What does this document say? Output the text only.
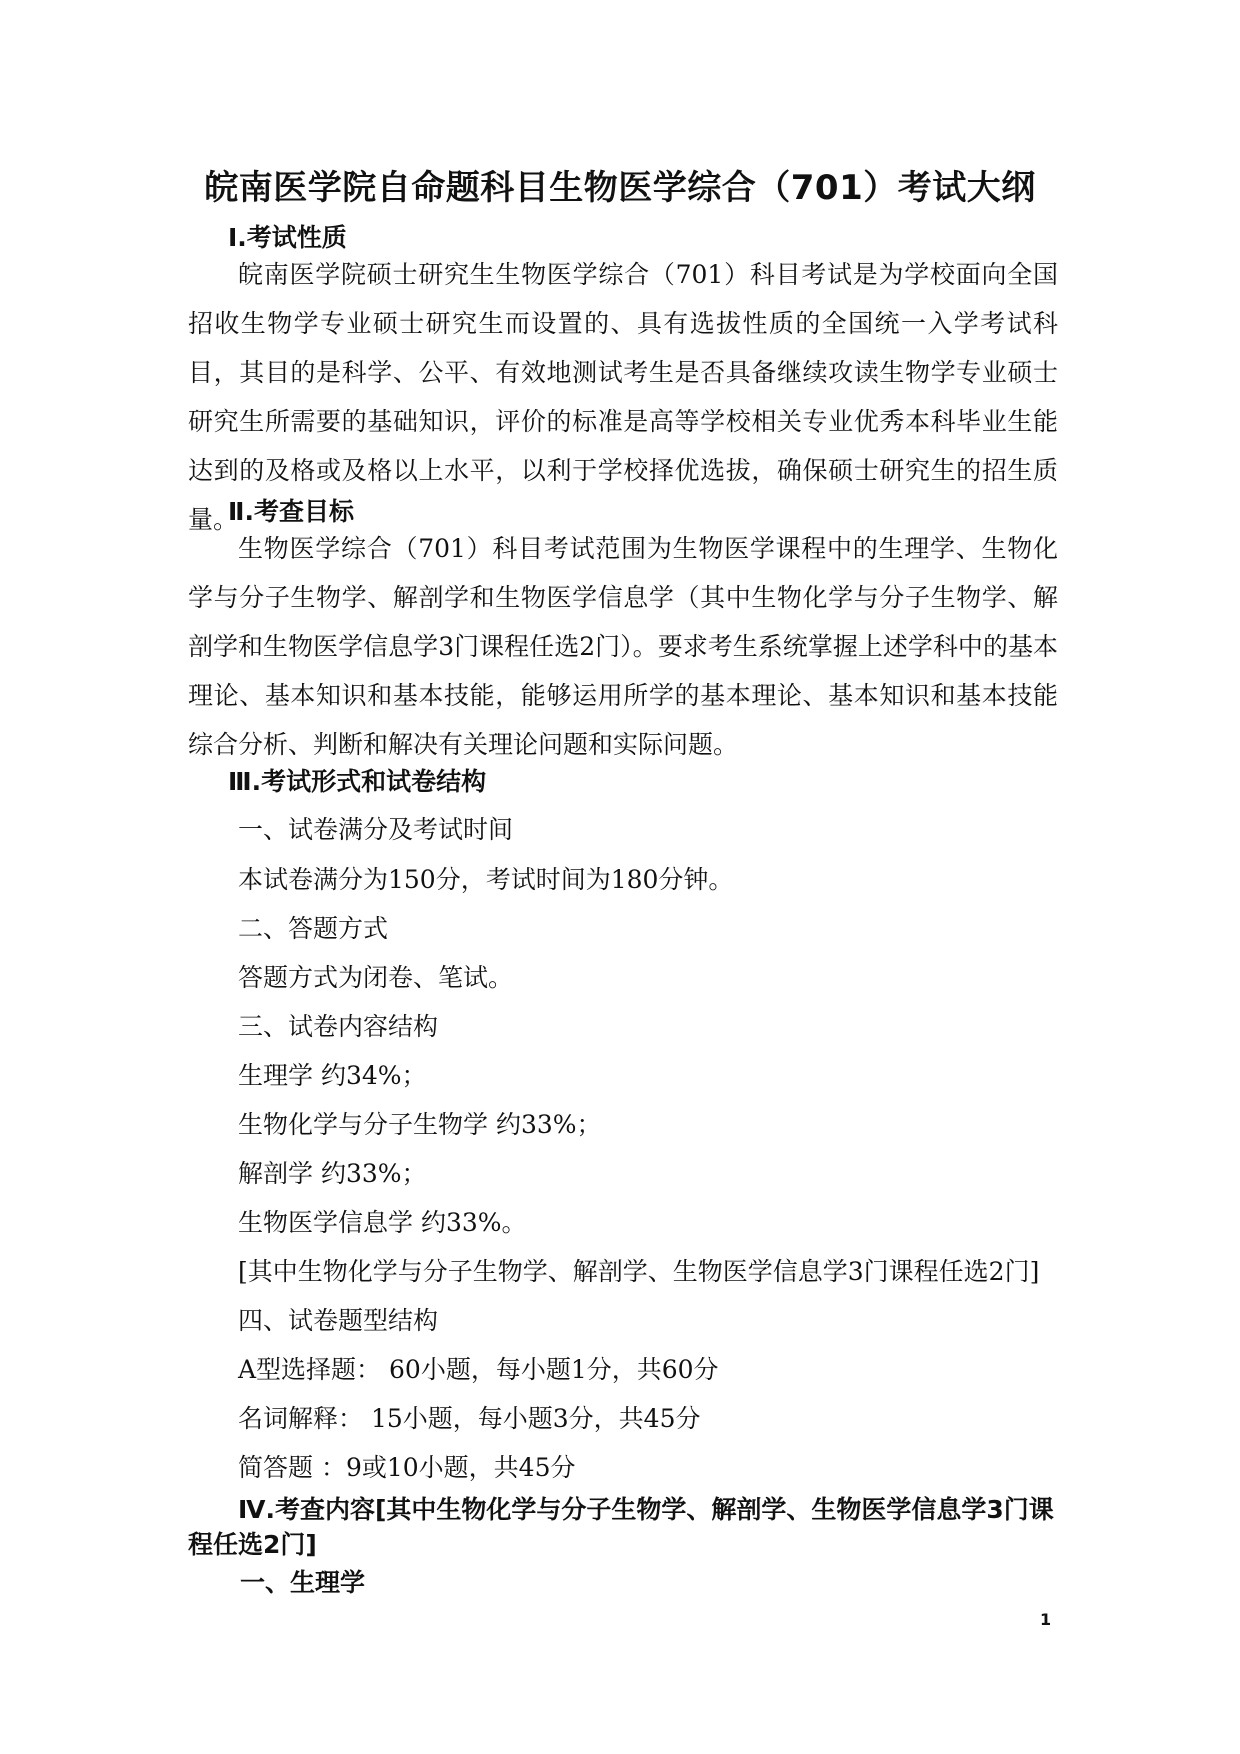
皖南医学院自命题科目生物医学综合（701）考试大纲
Ⅰ.考试性质
皖南医学院硕士研究生生物医学综合（701）科目考试是为学校面向全国招收生物学专业硕士研究生而设置的、具有选拔性质的全国统一入学考试科目，其目的是科学、公平、有效地测试考生是否具备继续攻读生物学专业硕士研究生所需要的基础知识，评价的标准是高等学校相关专业优秀本科毕业生能达到的及格或及格以上水平，以利于学校择优选拔，确保硕士研究生的招生质量。
Ⅱ.考查目标
生物医学综合（701）科目考试范围为生物医学课程中的生理学、生物化学与分子生物学、解剖学和生物医学信息学（其中生物化学与分子生物学、解剖学和生物医学信息学3门课程任选2门）。要求考生系统掌握上述学科中的基本理论、基本知识和基本技能，能够运用所学的基本理论、基本知识和基本技能综合分析、判断和解决有关理论问题和实际问题。
Ⅲ.考试形式和试卷结构
一、试卷满分及考试时间
本试卷满分为150分，考试时间为180分钟。
二、答题方式
答题方式为闭卷、笔试。
三、试卷内容结构
生理学 约34%；
生物化学与分子生物学 约33%；
解剖学 约33%；
生物医学信息学 约33%。
[其中生物化学与分子生物学、解剖学、生物医学信息学3门课程任选2门]
四、试卷题型结构
A型选择题： 60小题，每小题1分，共60分
名词解释： 15小题，每小题3分，共45分
简答题 ：9或10小题，共45分
Ⅳ.考查内容[其中生物化学与分子生物学、解剖学、生物医学信息学3门课程任选2门]
一、生理学
1
